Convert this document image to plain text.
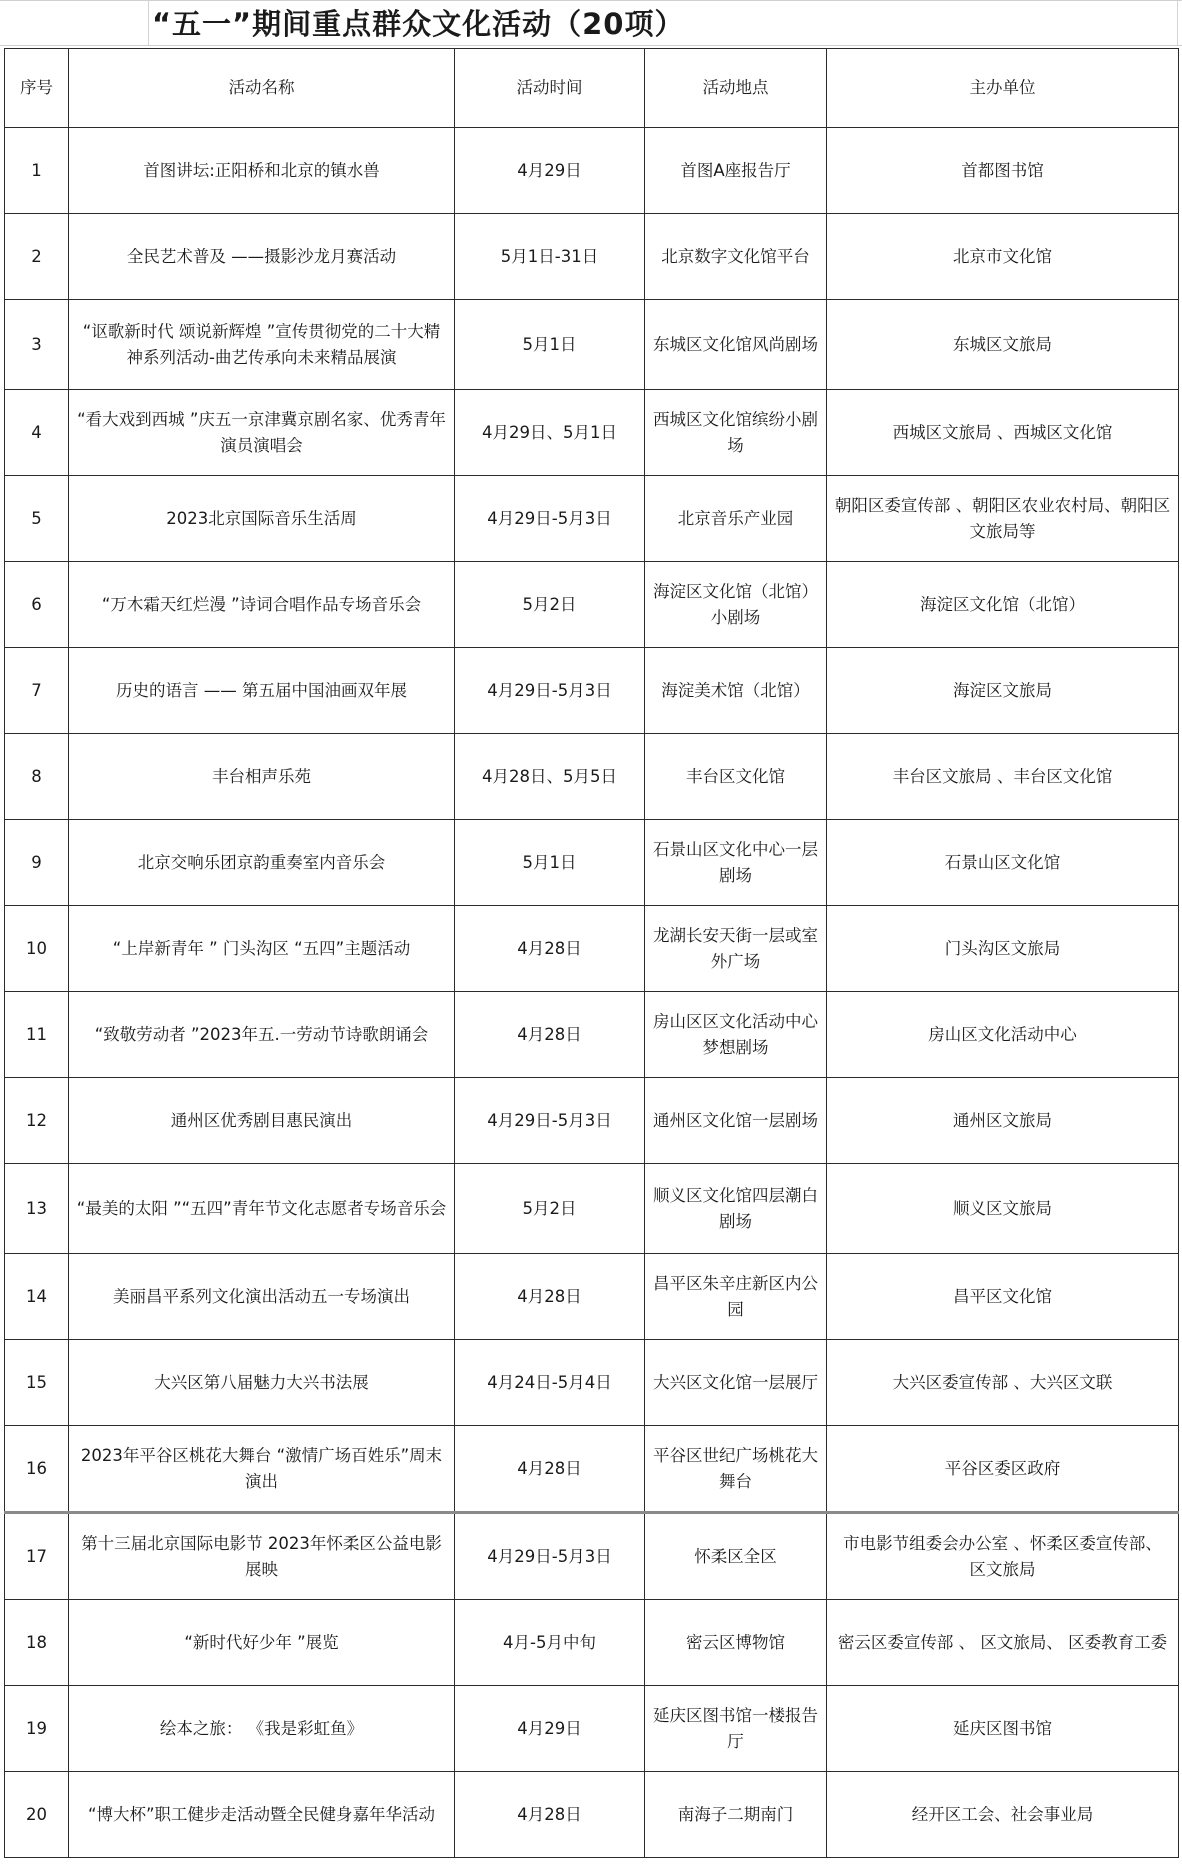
“五一”期间重点群众文化活动（20项）
序号	活动名称	活动时间	活动地点	主办单位
1	首图讲坛:正阳桥和北京的镇水兽	4月29日	首图A座报告厅	首都图书馆
2	全民艺术普及 ——摄影沙龙月赛活动	5月1日-31日	北京数字文化馆平台	北京市文化馆
3	“讴歌新时代 颂说新辉煌 ”宣传贯彻党的二十大精神系列活动-曲艺传承向未来精品展演	5月1日	东城区文化馆风尚剧场	东城区文旅局
4	“看大戏到西城 ”庆五一京津冀京剧名家、优秀青年演员演唱会	4月29日、5月1日	西城区文化馆缤纷小剧场	西城区文旅局 、西城区文化馆
5	2023北京国际音乐生活周	4月29日-5月3日	北京音乐产业园	朝阳区委宣传部 、朝阳区农业农村局、朝阳区文旅局等
6	“万木霜天红烂漫 ”诗词合唱作品专场音乐会	5月2日	海淀区文化馆（北馆）小剧场	海淀区文化馆（北馆）
7	历史的语言 —— 第五届中国油画双年展	4月29日-5月3日	海淀美术馆（北馆）	海淀区文旅局
8	丰台相声乐苑	4月28日、5月5日	丰台区文化馆	丰台区文旅局 、丰台区文化馆
9	北京交响乐团京韵重奏室内音乐会	5月1日	石景山区文化中心一层剧场	石景山区文化馆
10	“上岸新青年 ” 门头沟区 “五四”主题活动	4月28日	龙湖长安天街一层或室外广场	门头沟区文旅局
11	“致敬劳动者 ”2023年五.一劳动节诗歌朗诵会	4月28日	房山区区文化活动中心梦想剧场	房山区文化活动中心
12	通州区优秀剧目惠民演出	4月29日-5月3日	通州区文化馆一层剧场	通州区文旅局
13	“最美的太阳 ”“五四”青年节文化志愿者专场音乐会	5月2日	顺义区文化馆四层潮白剧场	顺义区文旅局
14	美丽昌平系列文化演出活动五一专场演出	4月28日	昌平区朱辛庄新区内公园	昌平区文化馆
15	大兴区第八届魅力大兴书法展	4月24日-5月4日	大兴区文化馆一层展厅	大兴区委宣传部 、大兴区文联
16	2023年平谷区桃花大舞台 “激情广场百姓乐”周末演出	4月28日	平谷区世纪广场桃花大舞台	平谷区委区政府
17	第十三届北京国际电影节 2023年怀柔区公益电影展映	4月29日-5月3日	怀柔区全区	市电影节组委会办公室 、怀柔区委宣传部、 区文旅局
18	“新时代好少年 ”展览	4月-5月中旬	密云区博物馆	密云区委宣传部 、 区文旅局、 区委教育工委
19	绘本之旅： 《我是彩虹鱼》	4月29日	延庆区图书馆一楼报告厅	延庆区图书馆
20	“博大杯”职工健步走活动暨全民健身嘉年华活动	4月28日	南海子二期南门	经开区工会、社会事业局
